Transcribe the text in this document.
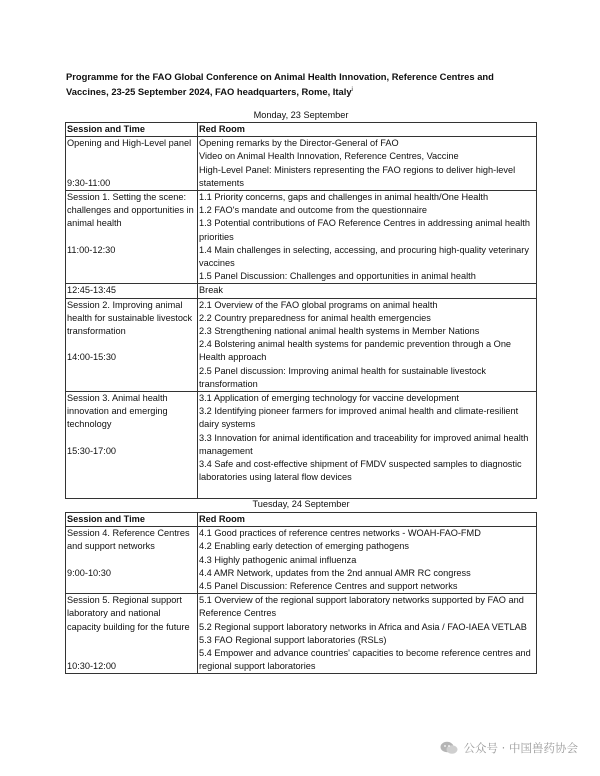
Programme for the FAO Global Conference on Animal Health Innovation, Reference Centres and Vaccines, 23-25 September 2024, FAO headquarters, Rome, Italy$^i$
Monday, 23 September
Session and Time	Red Room

Opening and High-Level panel
9:30-11:00	Opening remarks by the Director-General of FAO
Video on Animal Health Innovation, Reference Centres, Vaccine
High-Level Panel: Ministers representing the FAO regions to deliver high-level statements

Session 1. Setting the scene: challenges and opportunities in animal health
11:00-12:30	1.1 Priority concerns, gaps and challenges in animal health/One Health
1.2 FAO's mandate and outcome from the questionnaire
1.3 Potential contributions of FAO Reference Centres in addressing animal health priorities
1.4 Main challenges in selecting, accessing, and procuring high-quality veterinary vaccines
1.5 Panel Discussion: Challenges and opportunities in animal health

12:45-13:45	Break

Session 2. Improving animal health for sustainable livestock transformation
14:00-15:30	2.1 Overview of the FAO global programs on animal health
2.2 Country preparedness for animal health emergencies
2.3 Strengthening national animal health systems in Member Nations
2.4 Bolstering animal health systems for pandemic prevention through a One Health approach
2.5 Panel discussion: Improving animal health for sustainable livestock transformation

Session 3. Animal health innovation and emerging technology
15:30-17:00	3.1 Application of emerging technology for vaccine development
3.2 Identifying pioneer farmers for improved animal health and climate-resilient dairy systems
3.3 Innovation for animal identification and traceability for improved animal health management
3.4 Safe and cost-effective shipment of FMDV suspected samples to diagnostic laboratories using lateral flow devices
Tuesday, 24 September
Session and Time	Red Room

Session 4. Reference Centres and support networks
9:00-10:30	4.1 Good practices of reference centres networks - WOAH-FAO-FMD
4.2 Enabling early detection of emerging pathogens
4.3 Highly pathogenic animal influenza
4.4 AMR Network, updates from the 2nd annual AMR RC congress
4.5 Panel Discussion: Reference Centres and support networks

Session 5. Regional support laboratory and national capacity building for the future
10:30-12:00	5.1 Overview of the regional support laboratory networks supported by FAO and Reference Centres
5.2 Regional support laboratory networks in Africa and Asia / FAO-IAEA VETLAB
5.3 FAO Regional support laboratories (RSLs)
5.4 Empower and advance countries' capacities to become reference centres and regional support laboratories
公众号 · 中国兽药协会
